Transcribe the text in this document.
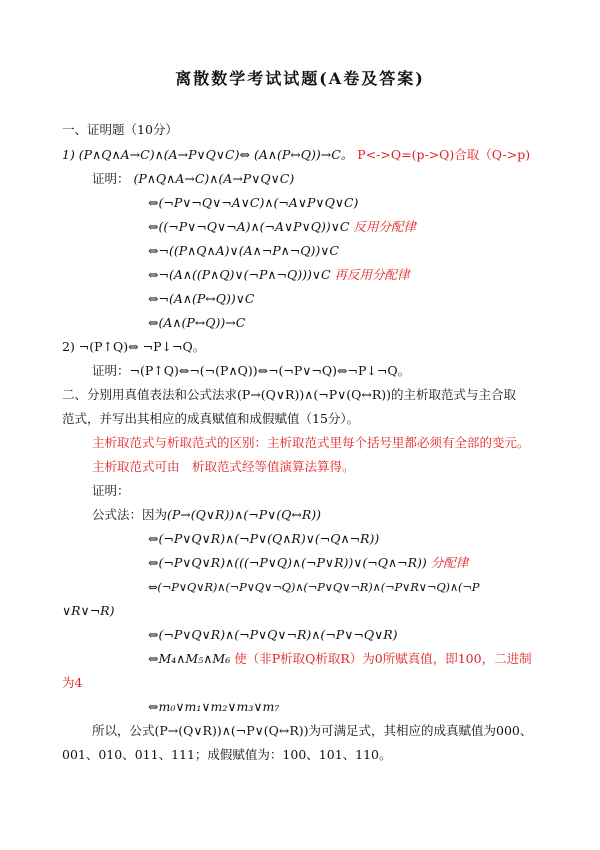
离散数学考试试题(A卷及答案)
一、证明题（10分）
1) (P∧Q∧A→C)∧(A→P∨Q∨C)⇔ (A∧(P↔Q))→C。 P<->Q=(p->Q)合取（Q->p)
证明： (P∧Q∧A→C)∧(A→P∨Q∨C)
⇔(¬P∨¬Q∨¬A∨C)∧(¬A∨P∨Q∨C)
⇔((¬P∨¬Q∨¬A)∧(¬A∨P∨Q))∨C 反用分配律
⇔¬((P∧Q∧A)∨(A∧¬P∧¬Q))∨C
⇔¬(A∧((P∧Q)∨(¬P∧¬Q)))∨C 再反用分配律
⇔¬(A∧(P↔Q))∨C
⇔(A∧(P↔Q))→C
2) ¬(P↑Q)⇔ ¬P↓¬Q。
证明：¬(P↑Q)⇔¬(¬(P∧Q))⇔¬(¬P∨¬Q)⇔¬P↓¬Q。
二、分别用真值表法和公式法求(P→(Q∨R))∧(¬P∨(Q↔R))的主析取范式与主合取
范式，并写出其相应的成真赋值和成假赋值（15分）。
主析取范式与析取范式的区别：主析取范式里每个括号里都必须有全部的变元。
主析取范式可由　析取范式经等值演算法算得。
证明：
公式法：因为(P→(Q∨R))∧(¬P∨(Q↔R))
⇔(¬P∨Q∨R)∧(¬P∨(Q∧R)∨(¬Q∧¬R))
⇔(¬P∨Q∨R)∧(((¬P∨Q)∧(¬P∨R))∨(¬Q∧¬R)) 分配律
⇔(¬P∨Q∨R)∧(¬P∨Q∨¬Q)∧(¬P∨Q∨¬R)∧(¬P∨R∨¬Q)∧(¬P
∨R∨¬R)
⇔(¬P∨Q∨R)∧(¬P∨Q∨¬R)∧(¬P∨¬Q∨R)
⇔M₄∧M₅∧M₆ 使（非P析取Q析取R）为0所赋真值，即100，二进制
为4
⇔m₀∨m₁∨m₂∨m₃∨m₇
所以，公式(P→(Q∨R))∧(¬P∨(Q↔R))为可满足式，其相应的成真赋值为000、
001、010、011、111；成假赋值为：100、101、110。
